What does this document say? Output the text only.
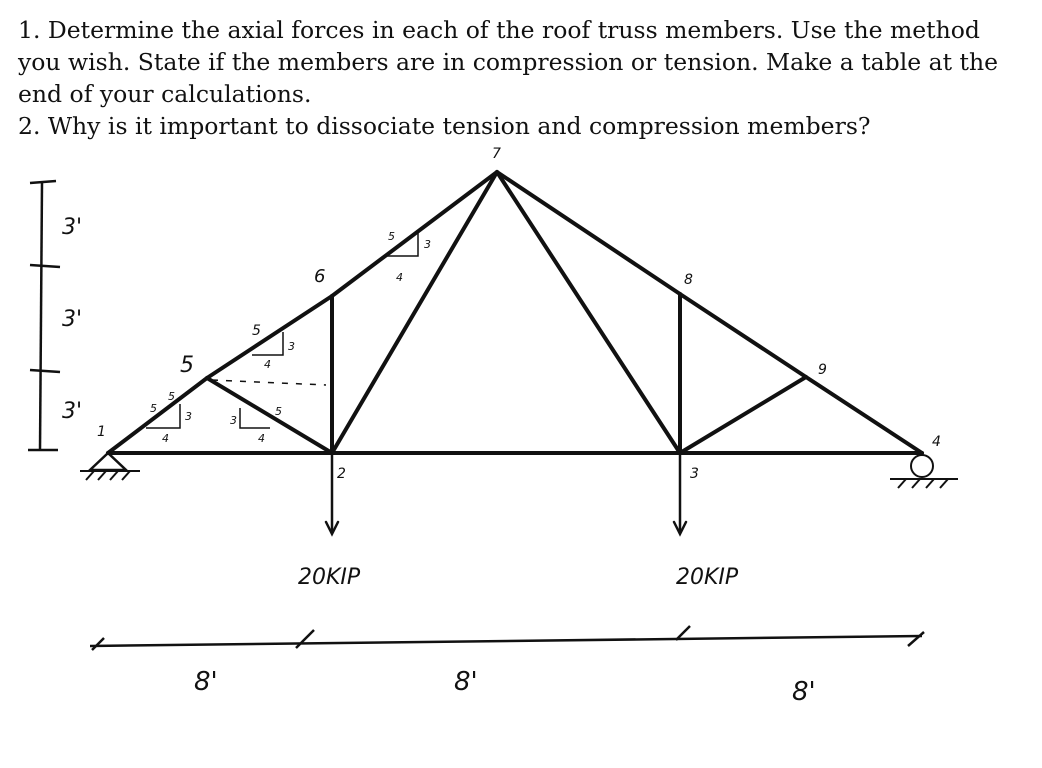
1. Determine the axial forces in each of the roof truss members. Use the method you wish. State if the members are in compression or tension. Make a table at the end of your calculations.
2. Why is it important to dissociate tension and compression members?
5
4
3	3
5
4
5
4
3
5
4
3
5
1
2	3
4
5
6
7
8
9
20KIP	20KIP
3'
3'
3'
8'	8'	8'
